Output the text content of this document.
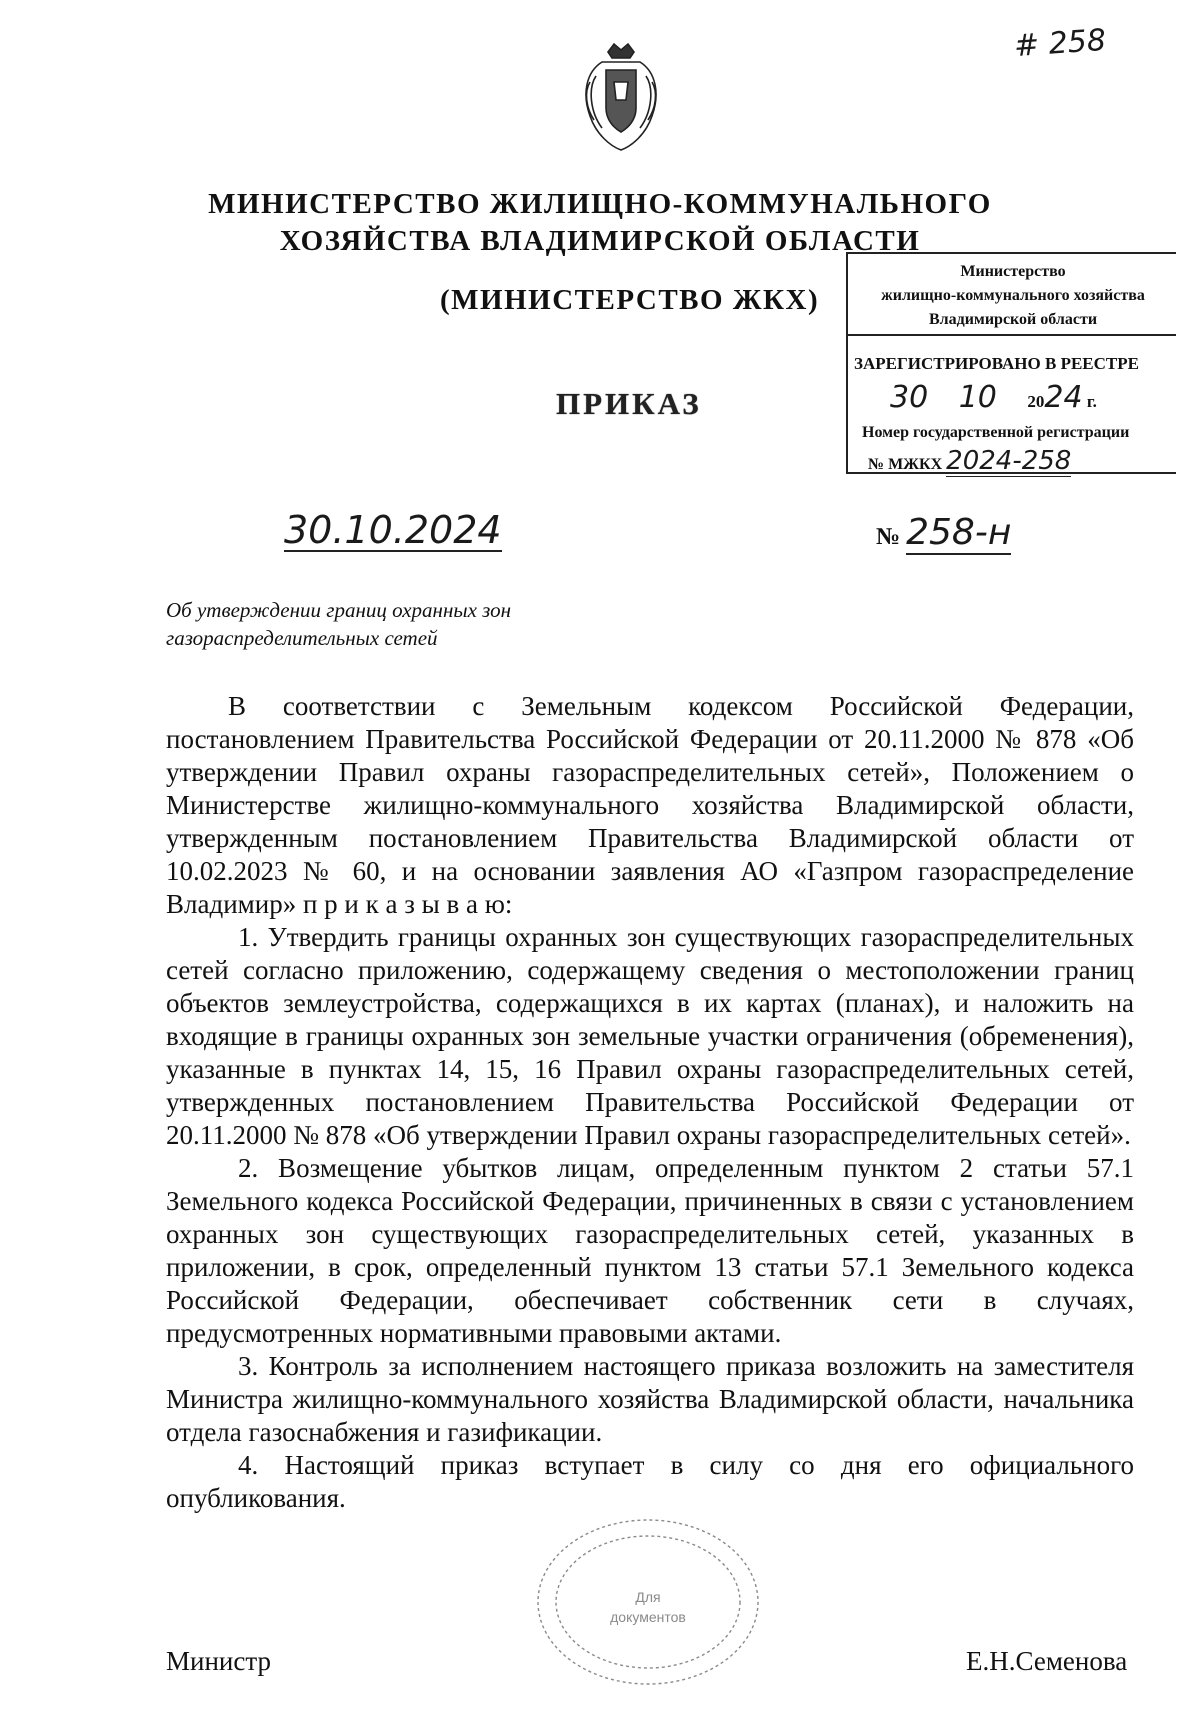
# 258
МИНИСТЕРСТВО ЖИЛИЩНО-КОММУНАЛЬНОГО
ХОЗЯЙСТВА ВЛАДИМИРСКОЙ ОБЛАСТИ
(МИНИСТЕРСТВО ЖКХ)
ПРИКАЗ
Министерство
жилищно-коммунального хозяйства
Владимирской области
ЗАРЕГИСТРИРОВАНО В РЕЕСТРЕ
30 10 2024 г.
Номер государственной регистрации
№ МЖКХ 2024-258
30.10.2024	№ 258-н
Об утверждении границ охранных зон
газораспределительных сетей

В соответствии с Земельным кодексом Российской Федерации, постановлением Правительства Российской Федерации от 20.11.2000 № 878 «Об утверждении Правил охраны газораспределительных сетей», Положением о Министерстве жилищно-коммунального хозяйства Владимирской области, утвержденным постановлением Правительства Владимирской области от 10.02.2023 № 60, и на основании заявления АО «Газпром газораспределение Владимир» п р и к а з ы в а ю:

1. Утвердить границы охранных зон существующих газораспределительных сетей согласно приложению, содержащему сведения о местоположении границ объектов землеустройства, содержащихся в их картах (планах), и наложить на входящие в границы охранных зон земельные участки ограничения (обременения), указанные в пунктах 14, 15, 16 Правил охраны газораспределительных сетей, утвержденных постановлением Правительства Российской Федерации от 20.11.2000 № 878 «Об утверждении Правил охраны газораспределительных сетей».

2. Возмещение убытков лицам, определенным пунктом 2 статьи 57.1 Земельного кодекса Российской Федерации, причиненных в связи с установлением охранных зон существующих газораспределительных сетей, указанных в приложении, в срок, определенный пунктом 13 статьи 57.1 Земельного кодекса Российской Федерации, обеспечивает собственник сети в случаях, предусмотренных нормативными правовыми актами.

3. Контроль за исполнением настоящего приказа возложить на заместителя Министра жилищно-коммунального хозяйства Владимирской области, начальника отдела газоснабжения и газификации.

4. Настоящий приказ вступает в силу со дня его официального опубликования.

Для
документов
Министр	Е.Н.Семенова
